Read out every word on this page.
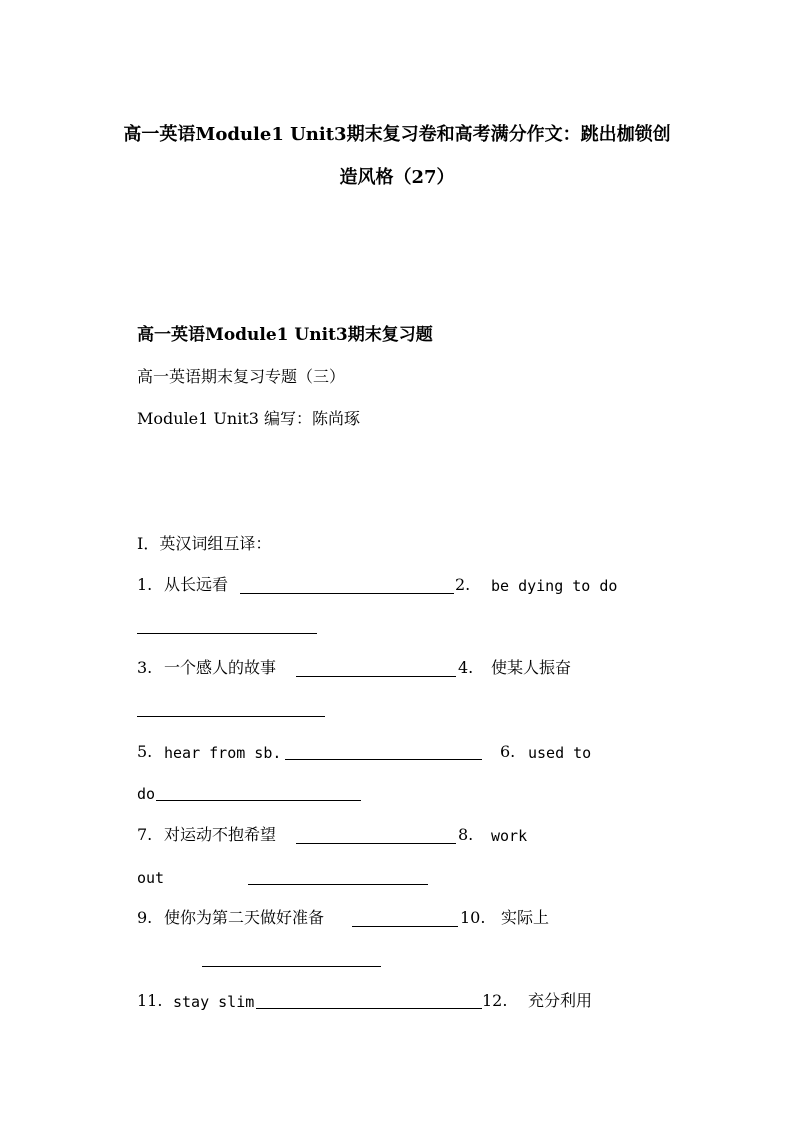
高一英语Module1 Unit3期末复习卷和高考满分作文：跳出枷锁创
造风格（27）
高一英语Module1 Unit3期末复习题
高一英语期末复习专题（三）
Module1 Unit3 编写：陈尚琢
I．英汉词组互译：
1. 从长远看	2. be dying to do
3. 一个感人的故事	4. 使某人振奋
5. hear from sb.	6. used to
do
7. 对运动不抱希望	8. work
out
9. 使你为第二天做好准备	10. 实际上
11. stay slim	12. 充分利用
